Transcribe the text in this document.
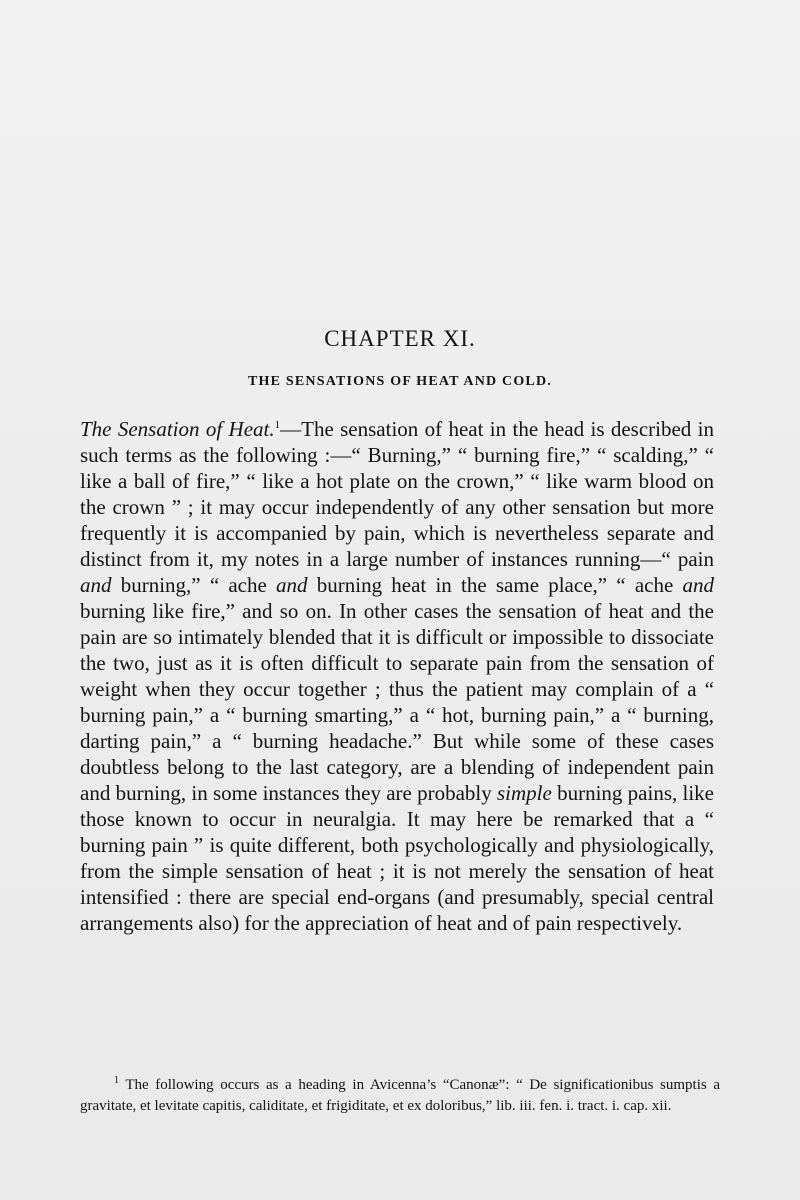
CHAPTER XI.
THE SENSATIONS OF HEAT AND COLD.

The Sensation of Heat.$^1$—The sensation of heat in the head is described in such terms as the following :—“ Burning,” “ burning fire,” “ scalding,” “ like a ball of fire,” “ like a hot plate on the crown,” “ like warm blood on the crown ” ; it may occur independently of any other sensation but more frequently it is accompanied by pain, which is nevertheless separate and distinct from it, my notes in a large number of instances running—“ pain and burning,” “ ache and burning heat in the same place,” “ ache and burning like fire,” and so on. In other cases the sensation of heat and the pain are so intimately blended that it is difficult or impossible to dissociate the two, just as it is often difficult to separate pain from the sensation of weight when they occur together ; thus the patient may complain of a “ burning pain,” a “ burning smarting,” a “ hot, burning pain,” a “ burning, darting pain,” a “ burning headache.” But while some of these cases doubtless belong to the last category, are a blending of independent pain and burning, in some instances they are probably simple burning pains, like those known to occur in neuralgia. It may here be remarked that a “ burning pain ” is quite different, both psychologically and physiologically, from the simple sensation of heat ; it is not merely the sensation of heat intensified : there are special end-organs (and presumably, special central arrangements also) for the appreciation of heat and of pain respectively.

$^1$ The following occurs as a heading in Avicenna’s “Canonæ”: “ De significationibus sumptis a gravitate, et levitate capitis, caliditate, et frigiditate, et ex doloribus,” lib. iii. fen. i. tract. i. cap. xii.
